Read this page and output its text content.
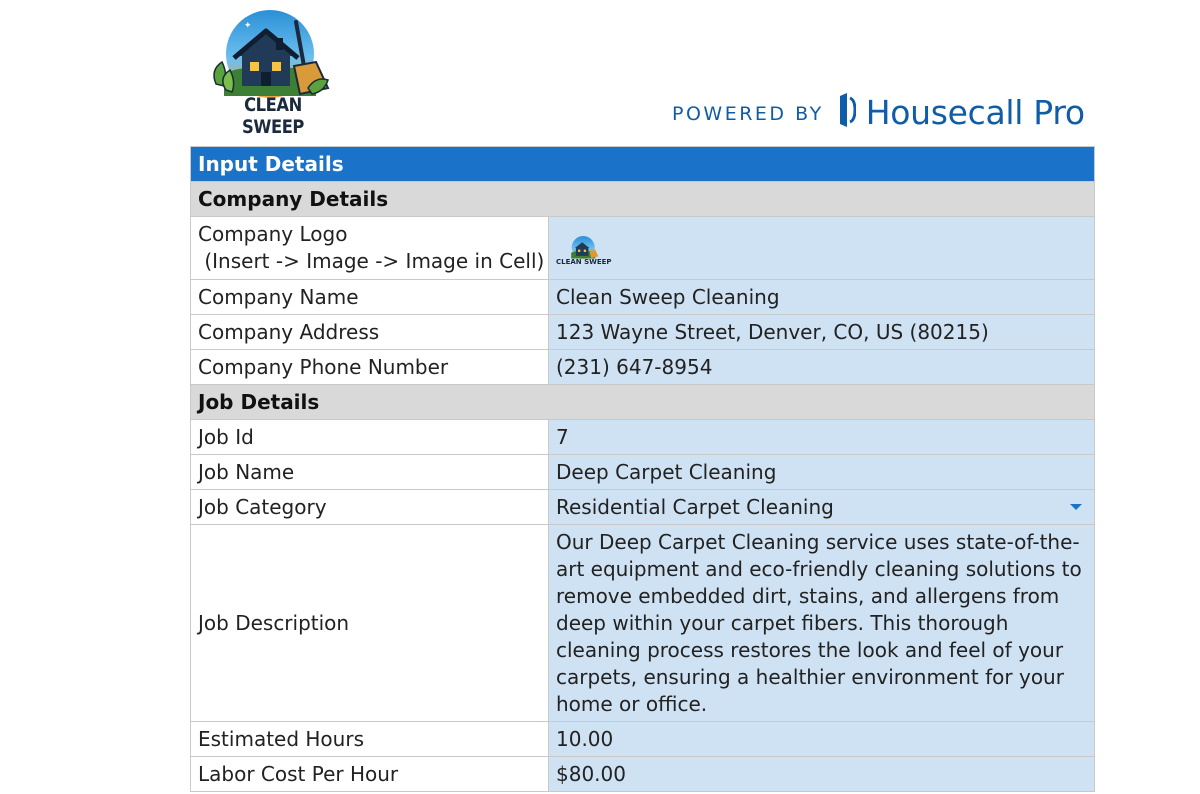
✦
✦
CLEAN SWEEP
POWERED BY Housecall Pro
Input Details	
Company Details	

Company Logo
(Insert -> Image -> Image in Cell)	CLEAN SWEEP

Company Name	Clean Sweep Cleaning
Company Address	123 Wayne Street, Denver, CO, US (80215)
Company Phone Number	(231) 647-8954
Job Details	
Job Id	7
Job Name	Deep Carpet Cleaning
Job Category	Residential Carpet Cleaning

Job Description	Our Deep Carpet Cleaning service uses state-of-the-art equipment and eco-friendly cleaning solutions to remove embedded dirt, stains, and allergens from deep within your carpet fibers. This thorough cleaning process restores the look and feel of your carpets, ensuring a healthier environment for your home or office.
Estimated Hours	10.00
Labor Cost Per Hour	$80.00
